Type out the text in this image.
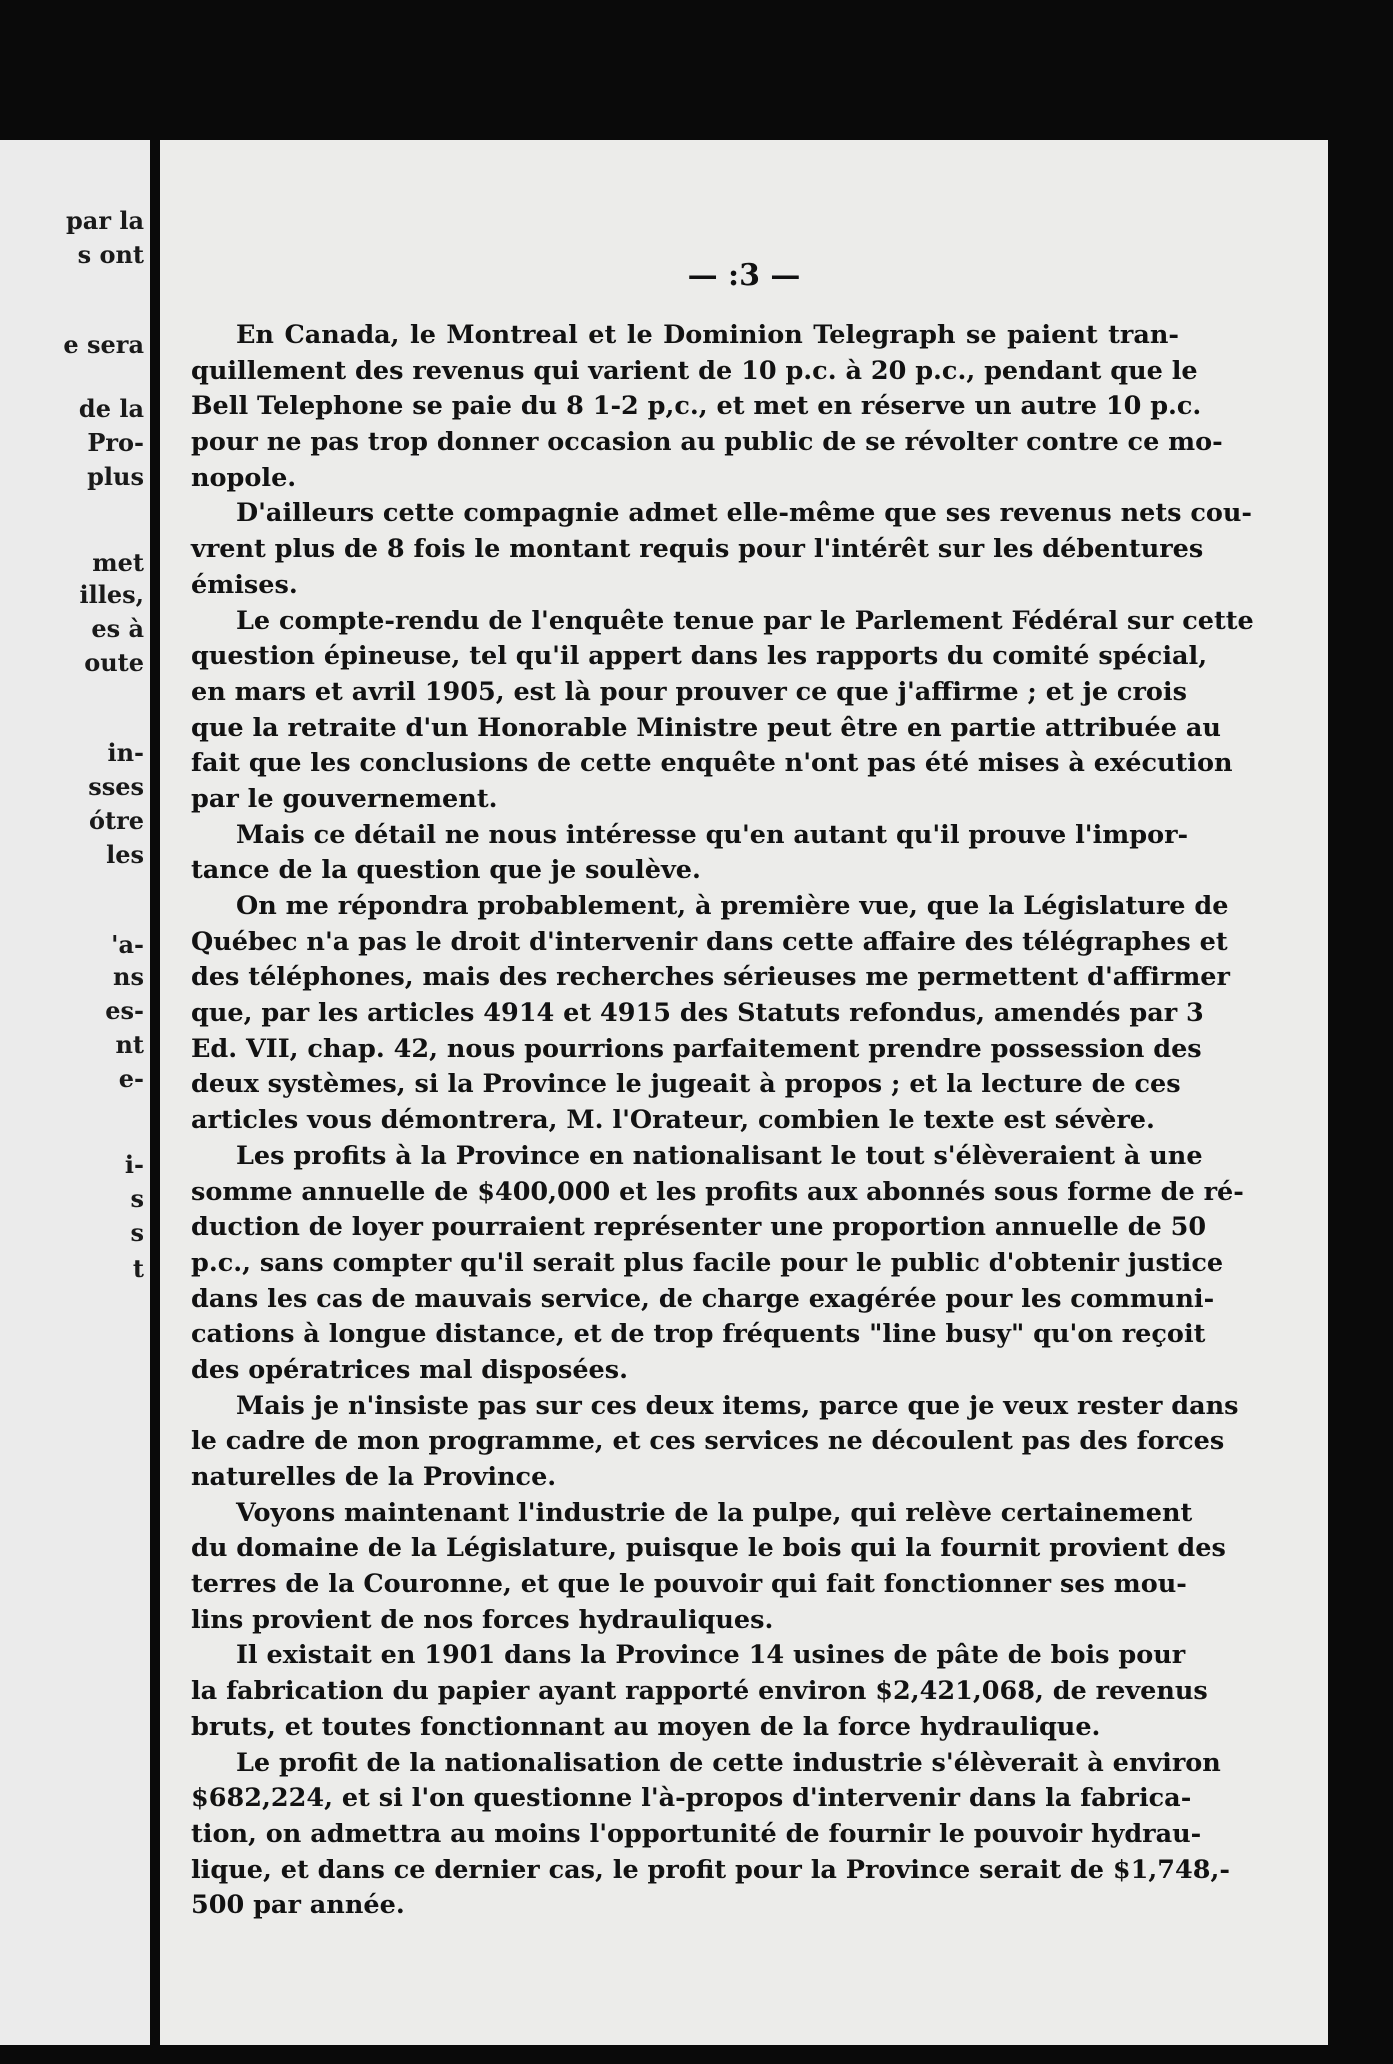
par la
s ont
e sera
de la
Pro-
plus
met
illes,
es à
oute
in-
sses
ótre
les
'a-
ns
es-
nt
e-
i-
s
s
t
— :3 —
En Canada, le Montreal et le Dominion Telegraph se paient tran-
quillement des revenus qui varient de 10 p.c. à 20 p.c., pendant que le
Bell Telephone se paie du 8 1-2 p,c., et met en réserve un autre 10 p.c.
pour ne pas trop donner occasion au public de se révolter contre ce mo-
nopole.
D'ailleurs cette compagnie admet elle-même que ses revenus nets cou-
vrent plus de 8 fois le montant requis pour l'intérêt sur les débentures
émises.
Le compte-rendu de l'enquête tenue par le Parlement Fédéral sur cette
question épineuse, tel qu'il appert dans les rapports du comité spécial,
en mars et avril 1905, est là pour prouver ce que j'affirme ; et je crois
que la retraite d'un Honorable Ministre peut être en partie attribuée au
fait que les conclusions de cette enquête n'ont pas été mises à exécution
par le gouvernement.
Mais ce détail ne nous intéresse qu'en autant qu'il prouve l'impor-
tance de la question que je soulève.
On me répondra probablement, à première vue, que la Législature de
Québec n'a pas le droit d'intervenir dans cette affaire des télégraphes et
des téléphones, mais des recherches sérieuses me permettent d'affirmer
que, par les articles 4914 et 4915 des Statuts refondus, amendés par 3
Ed. VII, chap. 42, nous pourrions parfaitement prendre possession des
deux systèmes, si la Province le jugeait à propos ; et la lecture de ces
articles vous démontrera, M. l'Orateur, combien le texte est sévère.
Les profits à la Province en nationalisant le tout s'élèveraient à une
somme annuelle de $400,000 et les profits aux abonnés sous forme de ré-
duction de loyer pourraient représenter une proportion annuelle de 50
p.c., sans compter qu'il serait plus facile pour le public d'obtenir justice
dans les cas de mauvais service, de charge exagérée pour les communi-
cations à longue distance, et de trop fréquents "line busy" qu'on reçoit
des opératrices mal disposées.
Mais je n'insiste pas sur ces deux items, parce que je veux rester dans
le cadre de mon programme, et ces services ne découlent pas des forces
naturelles de la Province.
Voyons maintenant l'industrie de la pulpe, qui relève certainement
du domaine de la Législature, puisque le bois qui la fournit provient des
terres de la Couronne, et que le pouvoir qui fait fonctionner ses mou-
lins provient de nos forces hydrauliques.
Il existait en 1901 dans la Province 14 usines de pâte de bois pour
la fabrication du papier ayant rapporté environ $2,421,068, de revenus
bruts, et toutes fonctionnant au moyen de la force hydraulique.
Le profit de la nationalisation de cette industrie s'élèverait à environ
$682,224, et si l'on questionne l'à-propos d'intervenir dans la fabrica-
tion, on admettra au moins l'opportunité de fournir le pouvoir hydrau-
lique, et dans ce dernier cas, le profit pour la Province serait de $1,748,-
500 par année.
